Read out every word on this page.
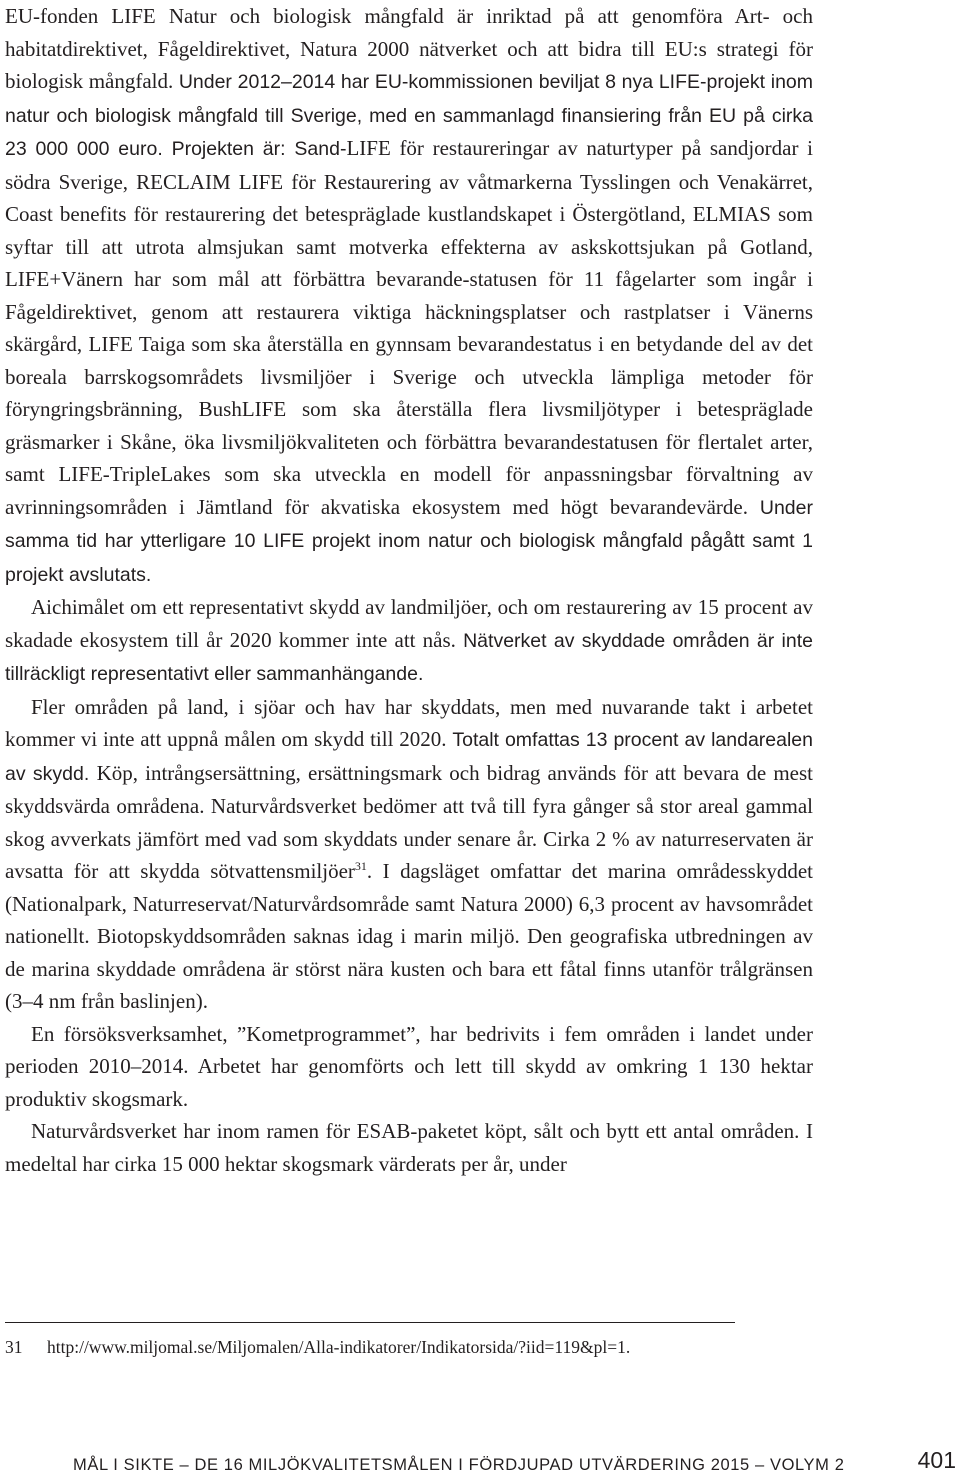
EU-fonden LIFE Natur och biologisk mångfald är inriktad på att genomföra Art- och habitatdirektivet, Fågeldirektivet, Natura 2000 nätverket och att bidra till EU:s strategi för biologisk mångfald. Under 2012–2014 har EU-kommissionen beviljat 8 nya LIFE-projekt inom natur och biologisk mångfald till Sverige, med en sammanlagd finansiering från EU på cirka 23 000 000 euro. Projekten är: Sand-LIFE för restaureringar av naturtyper på sandjordar i södra Sverige, RECLAIM LIFE för Restaurering av våtmarkerna Tysslingen och Venakärret, Coast benefits för restaurering det betespräglade kustlandskapet i Östergötland, ELMIAS som syftar till att utrota almsjukan samt motverka effekterna av askskottsjukan på Gotland, LIFE+Vänern har som mål att förbättra bevarande-statusen för 11 fågelarter som ingår i Fågeldirektivet, genom att restaurera viktiga häckningsplatser och rastplatser i Vänerns skärgård, LIFE Taiga som ska återställa en gynnsam bevarandestatus i en betydande del av det boreala barrskogsområdets livsmiljöer i Sverige och utveckla lämpliga metoder för föryngringsbränning, BushLIFE som ska återställa flera livsmiljötyper i betespräglade gräsmarker i Skåne, öka livsmiljökvaliteten och förbättra bevarandestatusen för flertalet arter, samt LIFE-TripleLakes som ska utveckla en modell för anpassningsbar förvaltning av avrinningsområden i Jämtland för akvatiska ekosystem med högt bevarandevärde. Under samma tid har ytterligare 10 LIFE projekt inom natur och biologisk mångfald pågått samt 1 projekt avslutats.

Aichimålet om ett representativt skydd av landmiljöer, och om restaurering av 15 procent av skadade ekosystem till år 2020 kommer inte att nås. Nätverket av skyddade områden är inte tillräckligt representativt eller sammanhängande.

Fler områden på land, i sjöar och hav har skyddats, men med nuvarande takt i arbetet kommer vi inte att uppnå målen om skydd till 2020. Totalt omfattas 13 procent av landarealen av skydd. Köp, intrångsersättning, ersättningsmark och bidrag används för att bevara de mest skyddsvärda områdena. Naturvårdsverket bedömer att två till fyra gånger så stor areal gammal skog avverkats jämfört med vad som skyddats under senare år. Cirka 2 % av naturreservaten är avsatta för att skydda sötvattensmiljöer$^{31}$. I dagsläget omfattar det marina områdesskyddet (Nationalpark, Naturreservat/Naturvårdsområde samt Natura 2000) 6,3 procent av havsområdet nationellt. Biotopskyddsområden saknas idag i marin miljö. Den geografiska utbredningen av de marina skyddade områdena är störst nära kusten och bara ett fåtal finns utanför trålgränsen (3–4 nm från baslinjen).

En försöksverksamhet, ”Kometprogrammet”, har bedrivits i fem områden i landet under perioden 2010–2014. Arbetet har genomförts och lett till skydd av omkring 1 130 hektar produktiv skogsmark.

Naturvårdsverket har inom ramen för ESAB-paketet köpt, sålt och bytt ett antal områden. I medeltal har cirka 15 000 hektar skogsmark värderats per år, under

31 http://www.miljomal.se/Miljomalen/Alla-indikatorer/Indikatorsida/?iid=119&pl=1.
MÅL I SIKTE – DE 16 MILJÖKVALITETSMÅLEN I FÖRDJUPAD UTVÄRDERING 2015 – VOLYM 2	401
